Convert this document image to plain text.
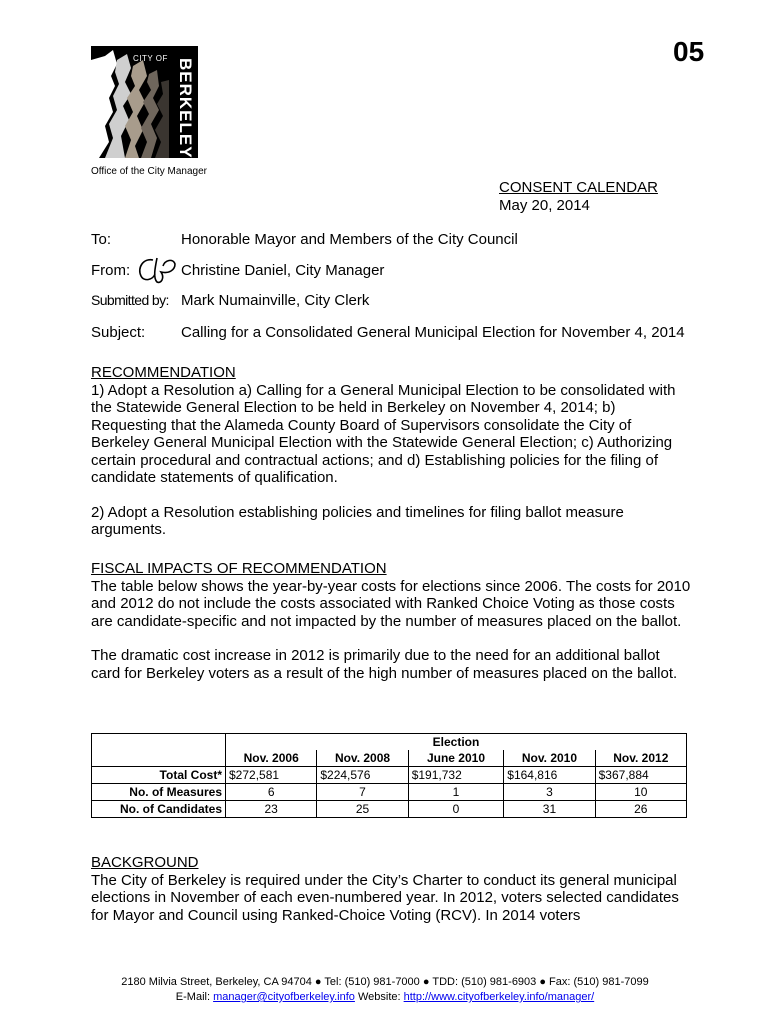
05
CITY OF BERKELEY
Office of the City Manager
CONSENT CALENDAR
May 20, 2014
To:	Honorable Mayor and Members of the City Council
From:	Christine Daniel, City Manager
Submitted by: Mark Numainville, City Clerk
Subject: Calling for a Consolidated General Municipal Election for November 4, 2014
RECOMMENDATION

1) Adopt a Resolution a) Calling for a General Municipal Election to be consolidated with the Statewide General Election to be held in Berkeley on November 4, 2014; b) Requesting that the Alameda County Board of Supervisors consolidate the City of Berkeley General Municipal Election with the Statewide General Election; c) Authorizing certain procedural and contractual actions; and d) Establishing policies for the filing of candidate statements of qualification.

2) Adopt a Resolution establishing policies and timelines for filing ballot measure arguments.

FISCAL IMPACTS OF RECOMMENDATION

The table below shows the year-by-year costs for elections since 2006. The costs for 2010 and 2012 do not include the costs associated with Ranked Choice Voting as those costs are candidate-specific and not impacted by the number of measures placed on the ballot.

The dramatic cost increase in 2012 is primarily due to the need for an additional ballot card for Berkeley voters as a result of the high number of measures placed on the ballot.

	Election				
	Nov. 2006	Nov. 2008	June 2010	Nov. 2010	Nov. 2012
Total Cost*	$272,581	$224,576	$191,732	$164,816	$367,884
No. of Measures	6	7	1	3	10
No. of Candidates	23	25	0	31	26
BACKGROUND

The City of Berkeley is required under the City’s Charter to conduct its general municipal elections in November of each even-numbered year. In 2012, voters selected candidates for Mayor and Council using Ranked-Choice Voting (RCV). In 2014 voters

2180 Milvia Street, Berkeley, CA 94704 ● Tel: (510) 981-7000 ● TDD: (510) 981-6903 ● Fax: (510) 981-7099
E-Mail: manager@cityofberkeley.info Website: http://www.cityofberkeley.info/manager/
